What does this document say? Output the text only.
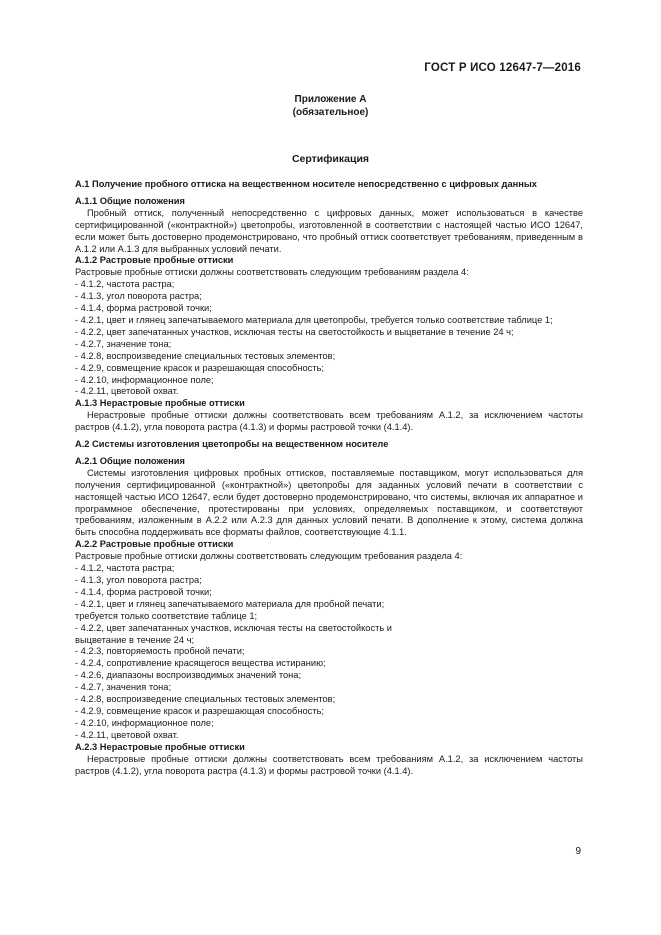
ГОСТ Р ИСО 12647-7—2016
Приложение А
(обязательное)
Сертификация

А.1 Получение пробного оттиска на вещественном носителе непосредственно с цифровых данных

А.1.1 Общие положения

Пробный оттиск, полученный непосредственно с цифровых данных, может использоваться в качестве сертифицированной («контрактной») цветопробы, изготовленной в соответствии с настоящей частью ИСО 12647, если может быть достоверно продемонстрировано, что пробный оттиск соответствует требованиям, приведенным в А.1.2 или А.1.3 для выбранных условий печати.

А.1.2 Растровые пробные оттиски

Растровые пробные оттиски должны соответствовать следующим требованиям раздела 4:

- 4.1.2, частота растра;

- 4.1.3, угол поворота растра;

- 4.1.4, форма растровой точки;

- 4.2.1, цвет и глянец запечатываемого материала для цветопробы, требуется только соответствие таблице 1;

- 4.2.2, цвет запечатанных участков, исключая тесты на светостойкость и выцветание в течение 24 ч;

- 4.2.7, значение тона;

- 4.2.8, воспроизведение специальных тестовых элементов;

- 4.2.9, совмещение красок и разрешающая способность;

- 4.2.10, информационное поле;

- 4.2.11, цветовой охват.

А.1.3 Нерастровые пробные оттиски

Нерастровые пробные оттиски должны соответствовать всем требованиям А.1.2, за исключением частоты растров (4.1.2), угла поворота растра (4.1.3) и формы растровой точки (4.1.4).

А.2 Системы изготовления цветопробы на вещественном носителе

А.2.1 Общие положения

Системы изготовления цифровых пробных оттисков, поставляемые поставщиком, могут использоваться для получения сертифицированной («контрактной») цветопробы для заданных условий печати в соответствии с настоящей частью ИСО 12647, если будет достоверно продемонстрировано, что системы, включая их аппаратное и программное обеспечение, протестированы при условиях, определяемых поставщиком, и соответствуют требованиям, изложенным в А.2.2 или А.2.3 для данных условий печати. В дополнение к этому, система должна быть способна поддерживать все форматы файлов, соответствующие 4.1.1.

А.2.2 Растровые пробные оттиски

Растровые пробные оттиски должны соответствовать следующим требования раздела 4:

- 4.1.2, частота растра;

- 4.1.3, угол поворота растра;

- 4.1.4, форма растровой точки;

- 4.2.1, цвет и глянец запечатываемого материала для пробной печати;

требуется только соответствие таблице 1;

- 4.2.2, цвет запечатанных участков, исключая тесты на светостойкость и

выцветание в течение 24 ч;

- 4.2.3, повторяемость пробной печати;

- 4.2.4, сопротивление красящегося вещества истиранию;

- 4.2.6, диапазоны воспроизводимых значений тона;

- 4.2.7, значения тона;

- 4.2.8, воспроизведение специальных тестовых элементов;

- 4.2.9, совмещение красок и разрешающая способность;

- 4.2.10, информационное поле;

- 4.2.11, цветовой охват.

А.2.3 Нерастровые пробные оттиски

Нерастровые пробные оттиски должны соответствовать всем требованиям А.1.2, за исключением частоты растров (4.1.2), угла поворота растра (4.1.3) и формы растровой точки (4.1.4).

9
